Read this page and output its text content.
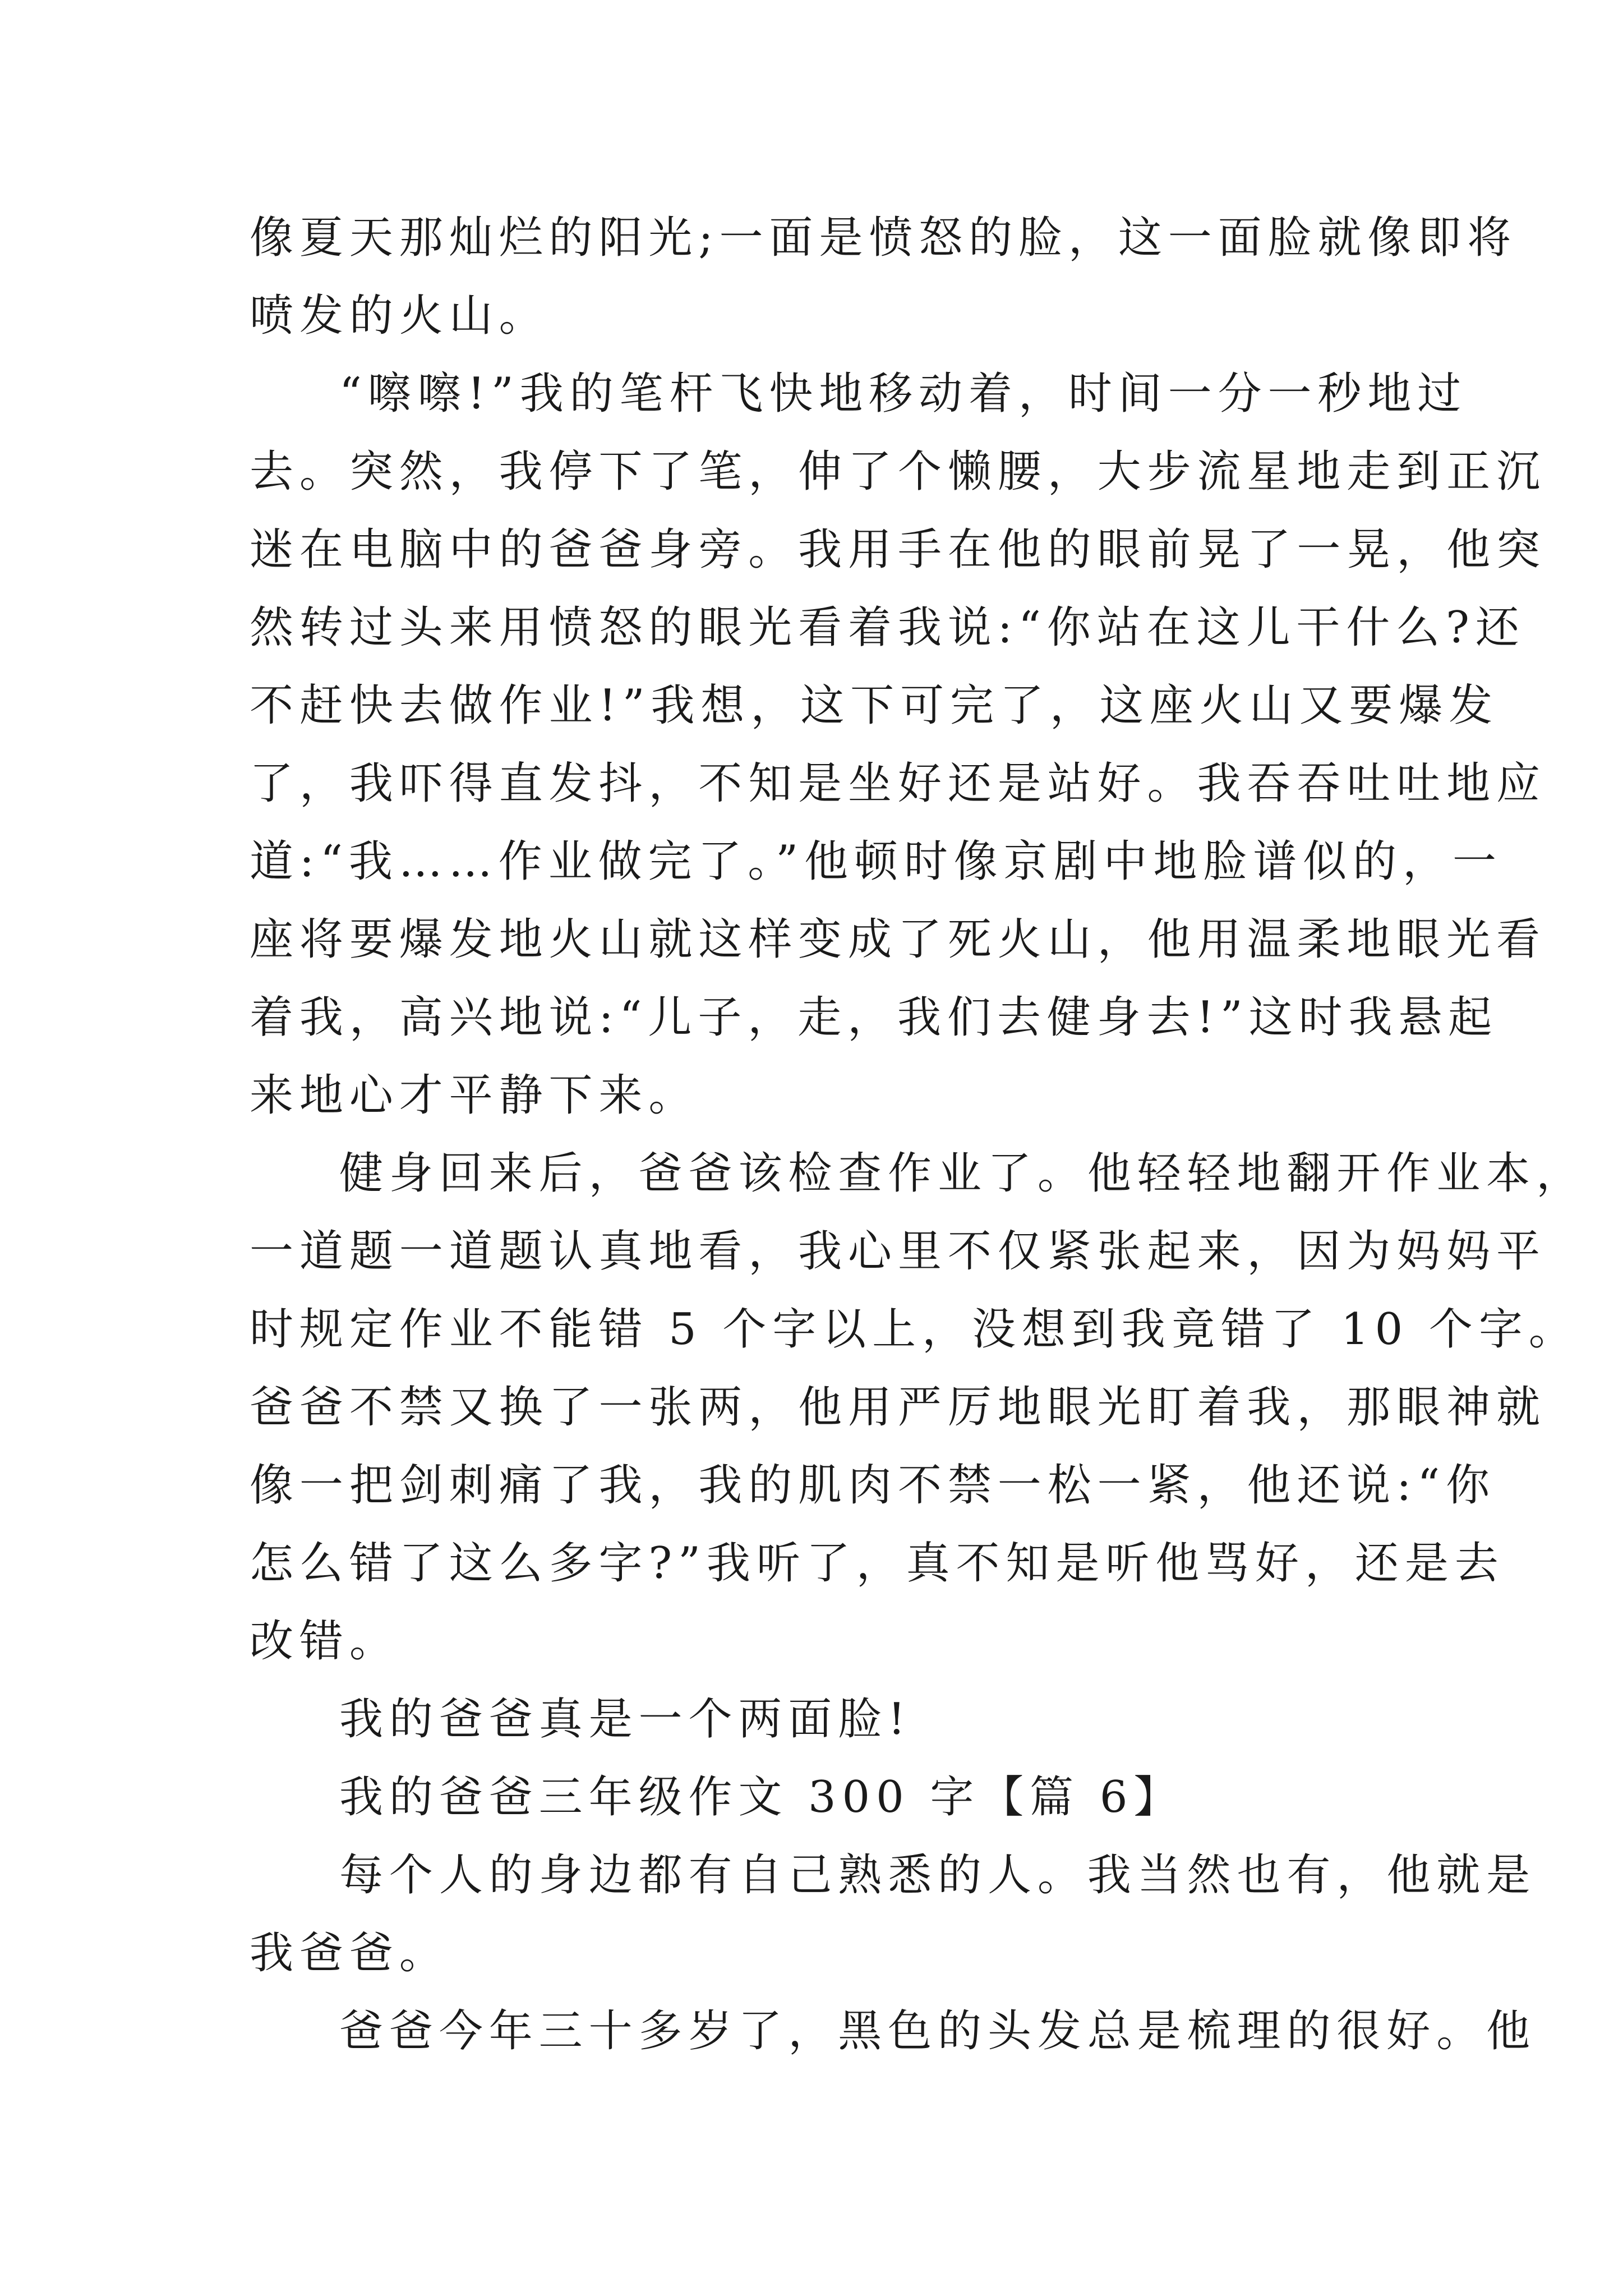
像夏天那灿烂的阳光;一面是愤怒的脸，这一面脸就像即将
喷发的火山。
“嚓嚓!”我的笔杆飞快地移动着，时间一分一秒地过
去。突然，我停下了笔，伸了个懒腰，大步流星地走到正沉
迷在电脑中的爸爸身旁。我用手在他的眼前晃了一晃，他突
然转过头来用愤怒的眼光看着我说:“你站在这儿干什么?还
不赶快去做作业!”我想，这下可完了，这座火山又要爆发
了，我吓得直发抖，不知是坐好还是站好。我吞吞吐吐地应
道:“我……作业做完了。”他顿时像京剧中地脸谱似的，一
座将要爆发地火山就这样变成了死火山，他用温柔地眼光看
着我，高兴地说:“儿子，走，我们去健身去!”这时我悬起
来地心才平静下来。
健身回来后，爸爸该检查作业了。他轻轻地翻开作业本，
一道题一道题认真地看，我心里不仅紧张起来，因为妈妈平
时规定作业不能错 5 个字以上，没想到我竟错了 10 个字。
爸爸不禁又换了一张两，他用严厉地眼光盯着我，那眼神就
像一把剑刺痛了我，我的肌肉不禁一松一紧，他还说:“你
怎么错了这么多字?”我听了，真不知是听他骂好，还是去
改错。
我的爸爸真是一个两面脸!
我的爸爸三年级作文 300 字【篇 6】
每个人的身边都有自己熟悉的人。我当然也有，他就是
我爸爸。
爸爸今年三十多岁了，黑色的头发总是梳理的很好。他
